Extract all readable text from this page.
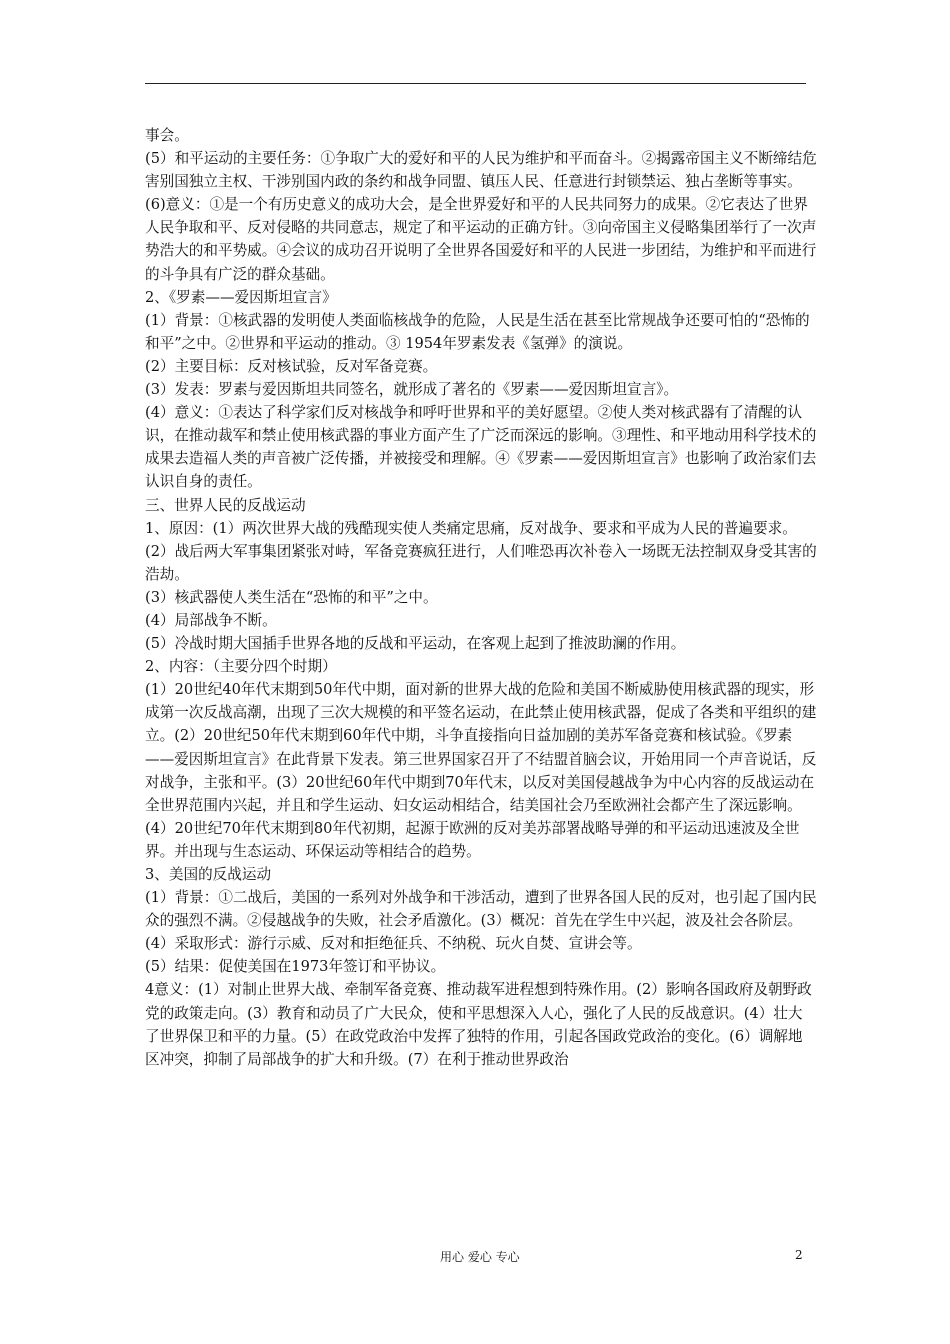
事会。

(5）和平运动的主要任务：①争取广大的爱好和平的人民为维护和平而奋斗。②揭露帝国主义不断缔结危害别国独立主权、干涉别国内政的条约和战争同盟、镇压人民、任意进行封锁禁运、独占垄断等事实。

(6)意义：①是一个有历史意义的成功大会，是全世界爱好和平的人民共同努力的成果。②它表达了世界人民争取和平、反对侵略的共同意志，规定了和平运动的正确方针。③向帝国主义侵略集团举行了一次声势浩大的和平势威。④会议的成功召开说明了全世界各国爱好和平的人民进一步团结，为维护和平而进行的斗争具有广泛的群众基础。

2、《罗素——爱因斯坦宣言》

(1）背景：①核武器的发明使人类面临核战争的危险，人民是生活在甚至比常规战争还要可怕的“恐怖的和平”之中。②世界和平运动的推动。③ 1954年罗素发表《氢弹》的演说。

(2）主要目标：反对核试验，反对军备竞赛。

(3）发表：罗素与爱因斯坦共同签名，就形成了著名的《罗素——爱因斯坦宣言》。

(4）意义：①表达了科学家们反对核战争和呼吁世界和平的美好愿望。②使人类对核武器有了清醒的认识，在推动裁军和禁止使用核武器的事业方面产生了广泛而深远的影响。③理性、和平地动用科学技术的成果去造福人类的声音被广泛传播，并被接受和理解。④《罗素——爱因斯坦宣言》也影响了政治家们去认识自身的责任。

三、世界人民的反战运动

1、原因：(1）两次世界大战的残酷现实使人类痛定思痛，反对战争、要求和平成为人民的普遍要求。

(2）战后两大军事集团紧张对峙，军备竞赛疯狂进行，人们唯恐再次补卷入一场既无法控制双身受其害的浩劫。

(3）核武器使人类生活在“恐怖的和平”之中。

(4）局部战争不断。

(5）冷战时期大国插手世界各地的反战和平运动，在客观上起到了推波助澜的作用。

2、内容：（主要分四个时期）

(1）20世纪40年代末期到50年代中期，面对新的世界大战的危险和美国不断威胁使用核武器的现实，形成第一次反战高潮，出现了三次大规模的和平签名运动，在此禁止使用核武器，促成了各类和平组织的建立。(2）20世纪50年代末期到60年代中期，斗争直接指向日益加剧的美苏军备竞赛和核试验。《罗素——爱因斯坦宣言》在此背景下发表。第三世界国家召开了不结盟首脑会议，开始用同一个声音说话，反对战争，主张和平。(3）20世纪60年代中期到70年代末，以反对美国侵越战争为中心内容的反战运动在全世界范围内兴起，并且和学生运动、妇女运动相结合，结美国社会乃至欧洲社会都产生了深远影响。(4）20世纪70年代末期到80年代初期，起源于欧洲的反对美苏部署战略导弹的和平运动迅速波及全世界。并出现与生态运动、环保运动等相结合的趋势。

3、美国的反战运动

(1）背景：①二战后，美国的一系列对外战争和干涉活动，遭到了世界各国人民的反对，也引起了国内民众的强烈不满。②侵越战争的失败，社会矛盾激化。(3）概况：首先在学生中兴起，波及社会各阶层。(4）采取形式：游行示威、反对和拒绝征兵、不纳税、玩火自焚、宣讲会等。

(5）结果：促使美国在1973年签订和平协议。

4意义：(1）对制止世界大战、牵制军备竞赛、推动裁军进程想到特殊作用。(2）影响各国政府及朝野政党的政策走向。(3）教育和动员了广大民众，使和平思想深入人心，强化了人民的反战意识。(4）壮大了世界保卫和平的力量。(5）在政党政治中发挥了独特的作用，引起各国政党政治的变化。(6）调解地区冲突，抑制了局部战争的扩大和升级。(7）在利于推动世界政治

用心 爱心 专心	2
